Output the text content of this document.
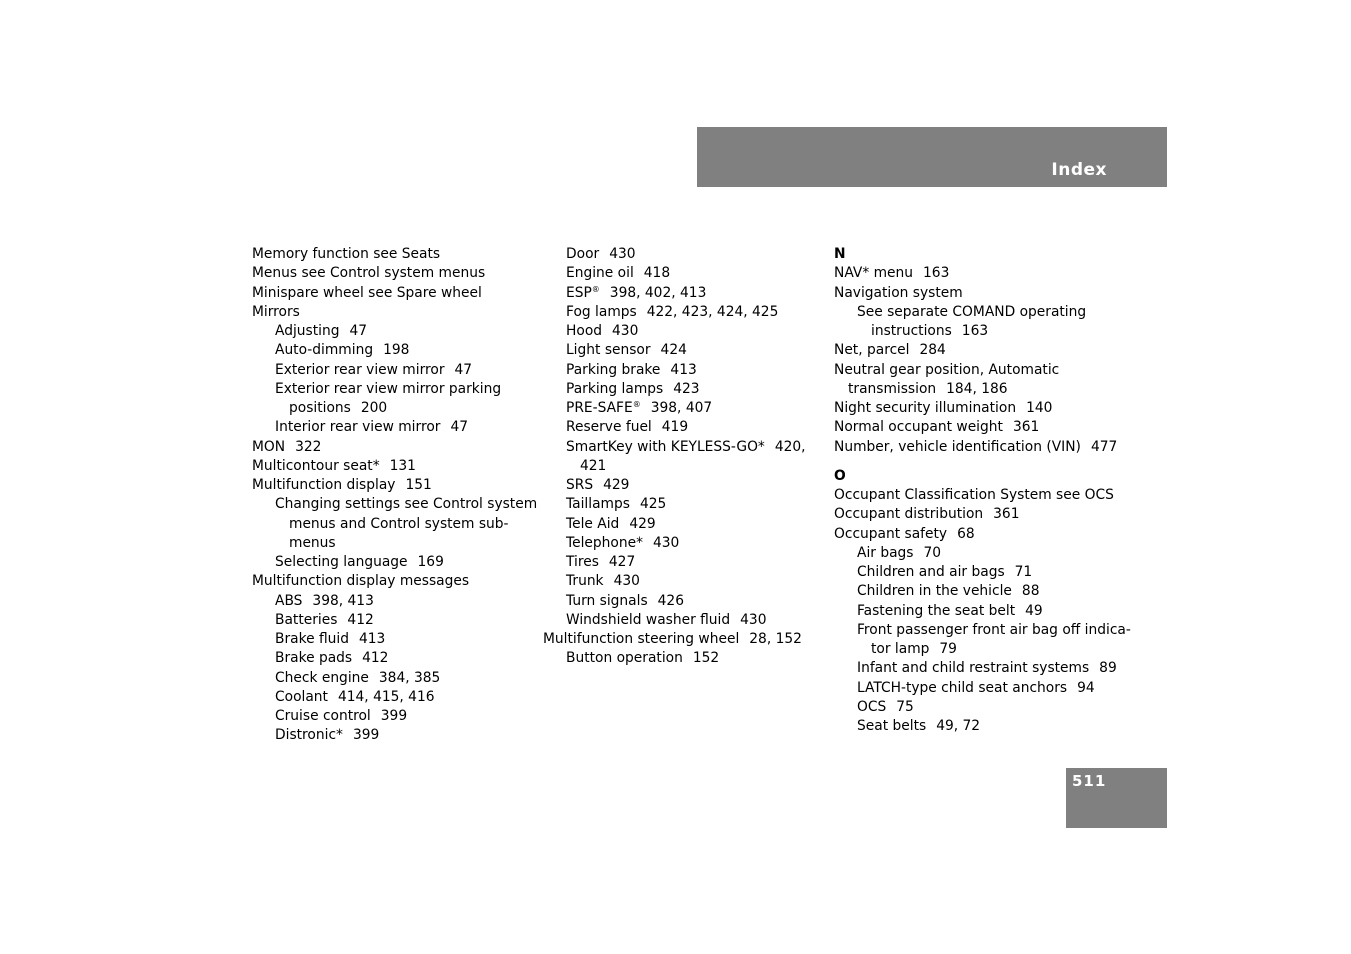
Index
Memory function see Seats
Menus see Control system menus
Minispare wheel see Spare wheel
Mirrors
Adjusting 47
Auto-dimming 198
Exterior rear view mirror 47
Exterior rear view mirror parking
positions 200
Interior rear view mirror 47
MON 322
Multicontour seat* 131
Multifunction display 151
Changing settings see Control system
menus and Control system sub-
menus
Selecting language 169
Multifunction display messages
ABS 398, 413
Batteries 412
Brake fluid 413
Brake pads 412
Check engine 384, 385
Coolant 414, 415, 416
Cruise control 399
Distronic* 399
Door 430
Engine oil 418
ESP® 398, 402, 413
Fog lamps 422, 423, 424, 425
Hood 430
Light sensor 424
Parking brake 413
Parking lamps 423
PRE-SAFE® 398, 407
Reserve fuel 419
SmartKey with KEYLESS-GO* 420,
421
SRS 429
Taillamps 425
Tele Aid 429
Telephone* 430
Tires 427
Trunk 430
Turn signals 426
Windshield washer fluid 430
Multifunction steering wheel 28, 152
Button operation 152
N
NAV* menu 163
Navigation system
See separate COMAND operating
instructions 163
Net, parcel 284
Neutral gear position, Automatic
transmission 184, 186
Night security illumination 140
Normal occupant weight 361
Number, vehicle identification (VIN) 477
O
Occupant Classification System see OCS
Occupant distribution 361
Occupant safety 68
Air bags 70
Children and air bags 71
Children in the vehicle 88
Fastening the seat belt 49
Front passenger front air bag off indica-
tor lamp 79
Infant and child restraint systems 89
LATCH-type child seat anchors 94
OCS 75
Seat belts 49, 72
511
